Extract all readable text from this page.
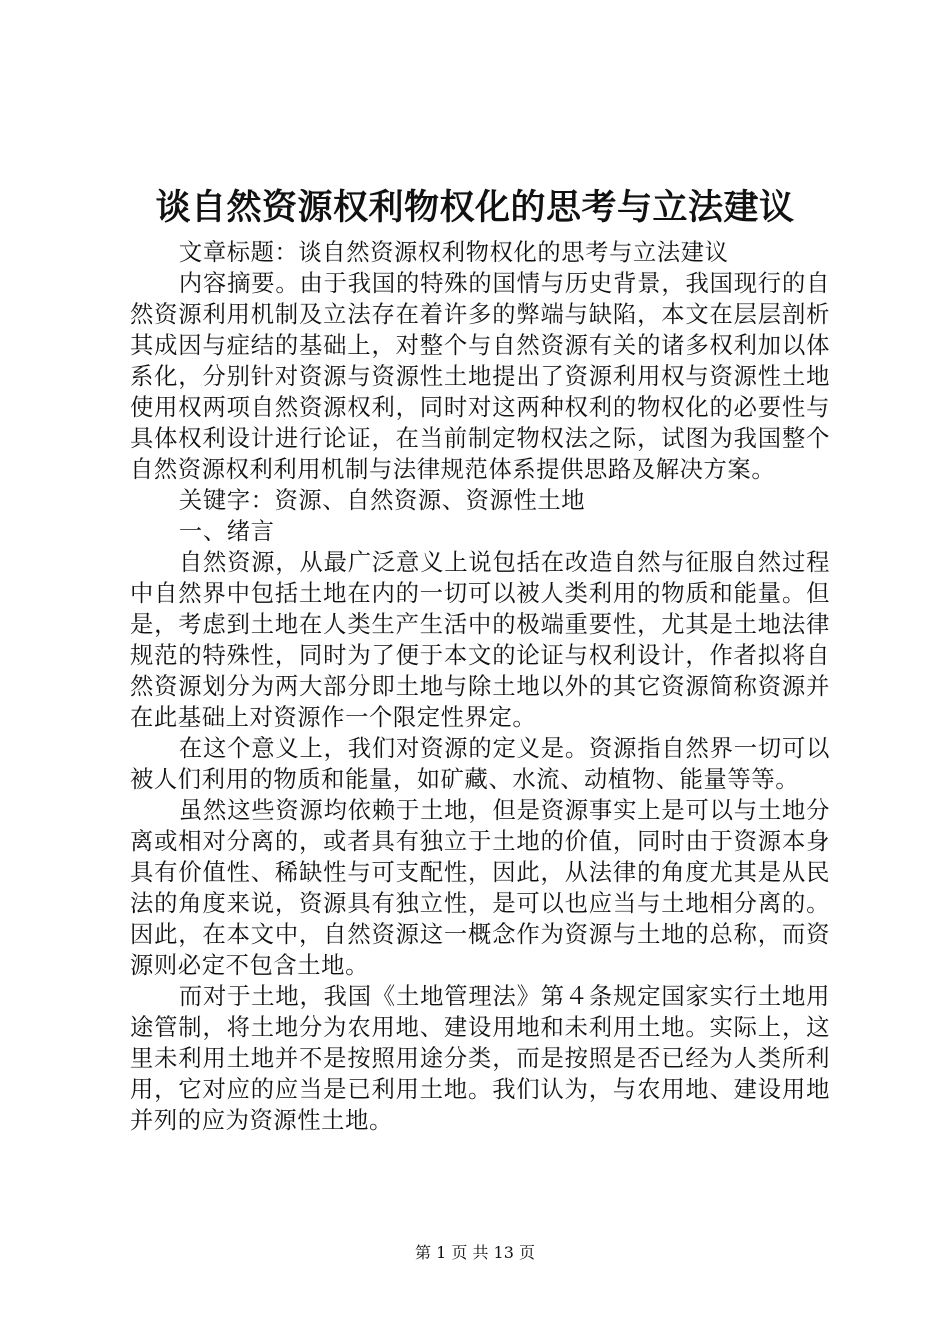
谈自然资源权利物权化的思考与立法建议

文章标题：谈自然资源权利物权化的思考与立法建议

内容摘要。由于我国的特殊的国情与历史背景，我国现行的自然资源利用机制及立法存在着许多的弊端与缺陷，本文在层层剖析其成因与症结的基础上，对整个与自然资源有关的诸多权利加以体系化，分别针对资源与资源性土地提出了资源利用权与资源性土地使用权两项自然资源权利，同时对这两种权利的物权化的必要性与具体权利设计进行论证，在当前制定物权法之际，试图为我国整个自然资源权利利用机制与法律规范体系提供思路及解决方案。

关键字：资源、自然资源、资源性土地

一、绪言

自然资源，从最广泛意义上说包括在改造自然与征服自然过程中自然界中包括土地在内的一切可以被人类利用的物质和能量。但是，考虑到土地在人类生产生活中的极端重要性，尤其是土地法律规范的特殊性，同时为了便于本文的论证与权利设计，作者拟将自然资源划分为两大部分即土地与除土地以外的其它资源简称资源并在此基础上对资源作一个限定性界定。

在这个意义上，我们对资源的定义是。资源指自然界一切可以被人们利用的物质和能量，如矿藏、水流、动植物、能量等等。

虽然这些资源均依赖于土地，但是资源事实上是可以与土地分离或相对分离的，或者具有独立于土地的价值，同时由于资源本身具有价值性、稀缺性与可支配性，因此，从法律的角度尤其是从民法的角度来说，资源具有独立性，是可以也应当与土地相分离的。因此，在本文中，自然资源这一概念作为资源与土地的总称，而资源则必定不包含土地。

而对于土地，我国《土地管理法》第４条规定国家实行土地用途管制，将土地分为农用地、建设用地和未利用土地。实际上，这里未利用土地并不是按照用途分类，而是按照是否已经为人类所利用，它对应的应当是已利用土地。我们认为，与农用地、建设用地并列的应为资源性土地。

第 1 页 共 13 页
